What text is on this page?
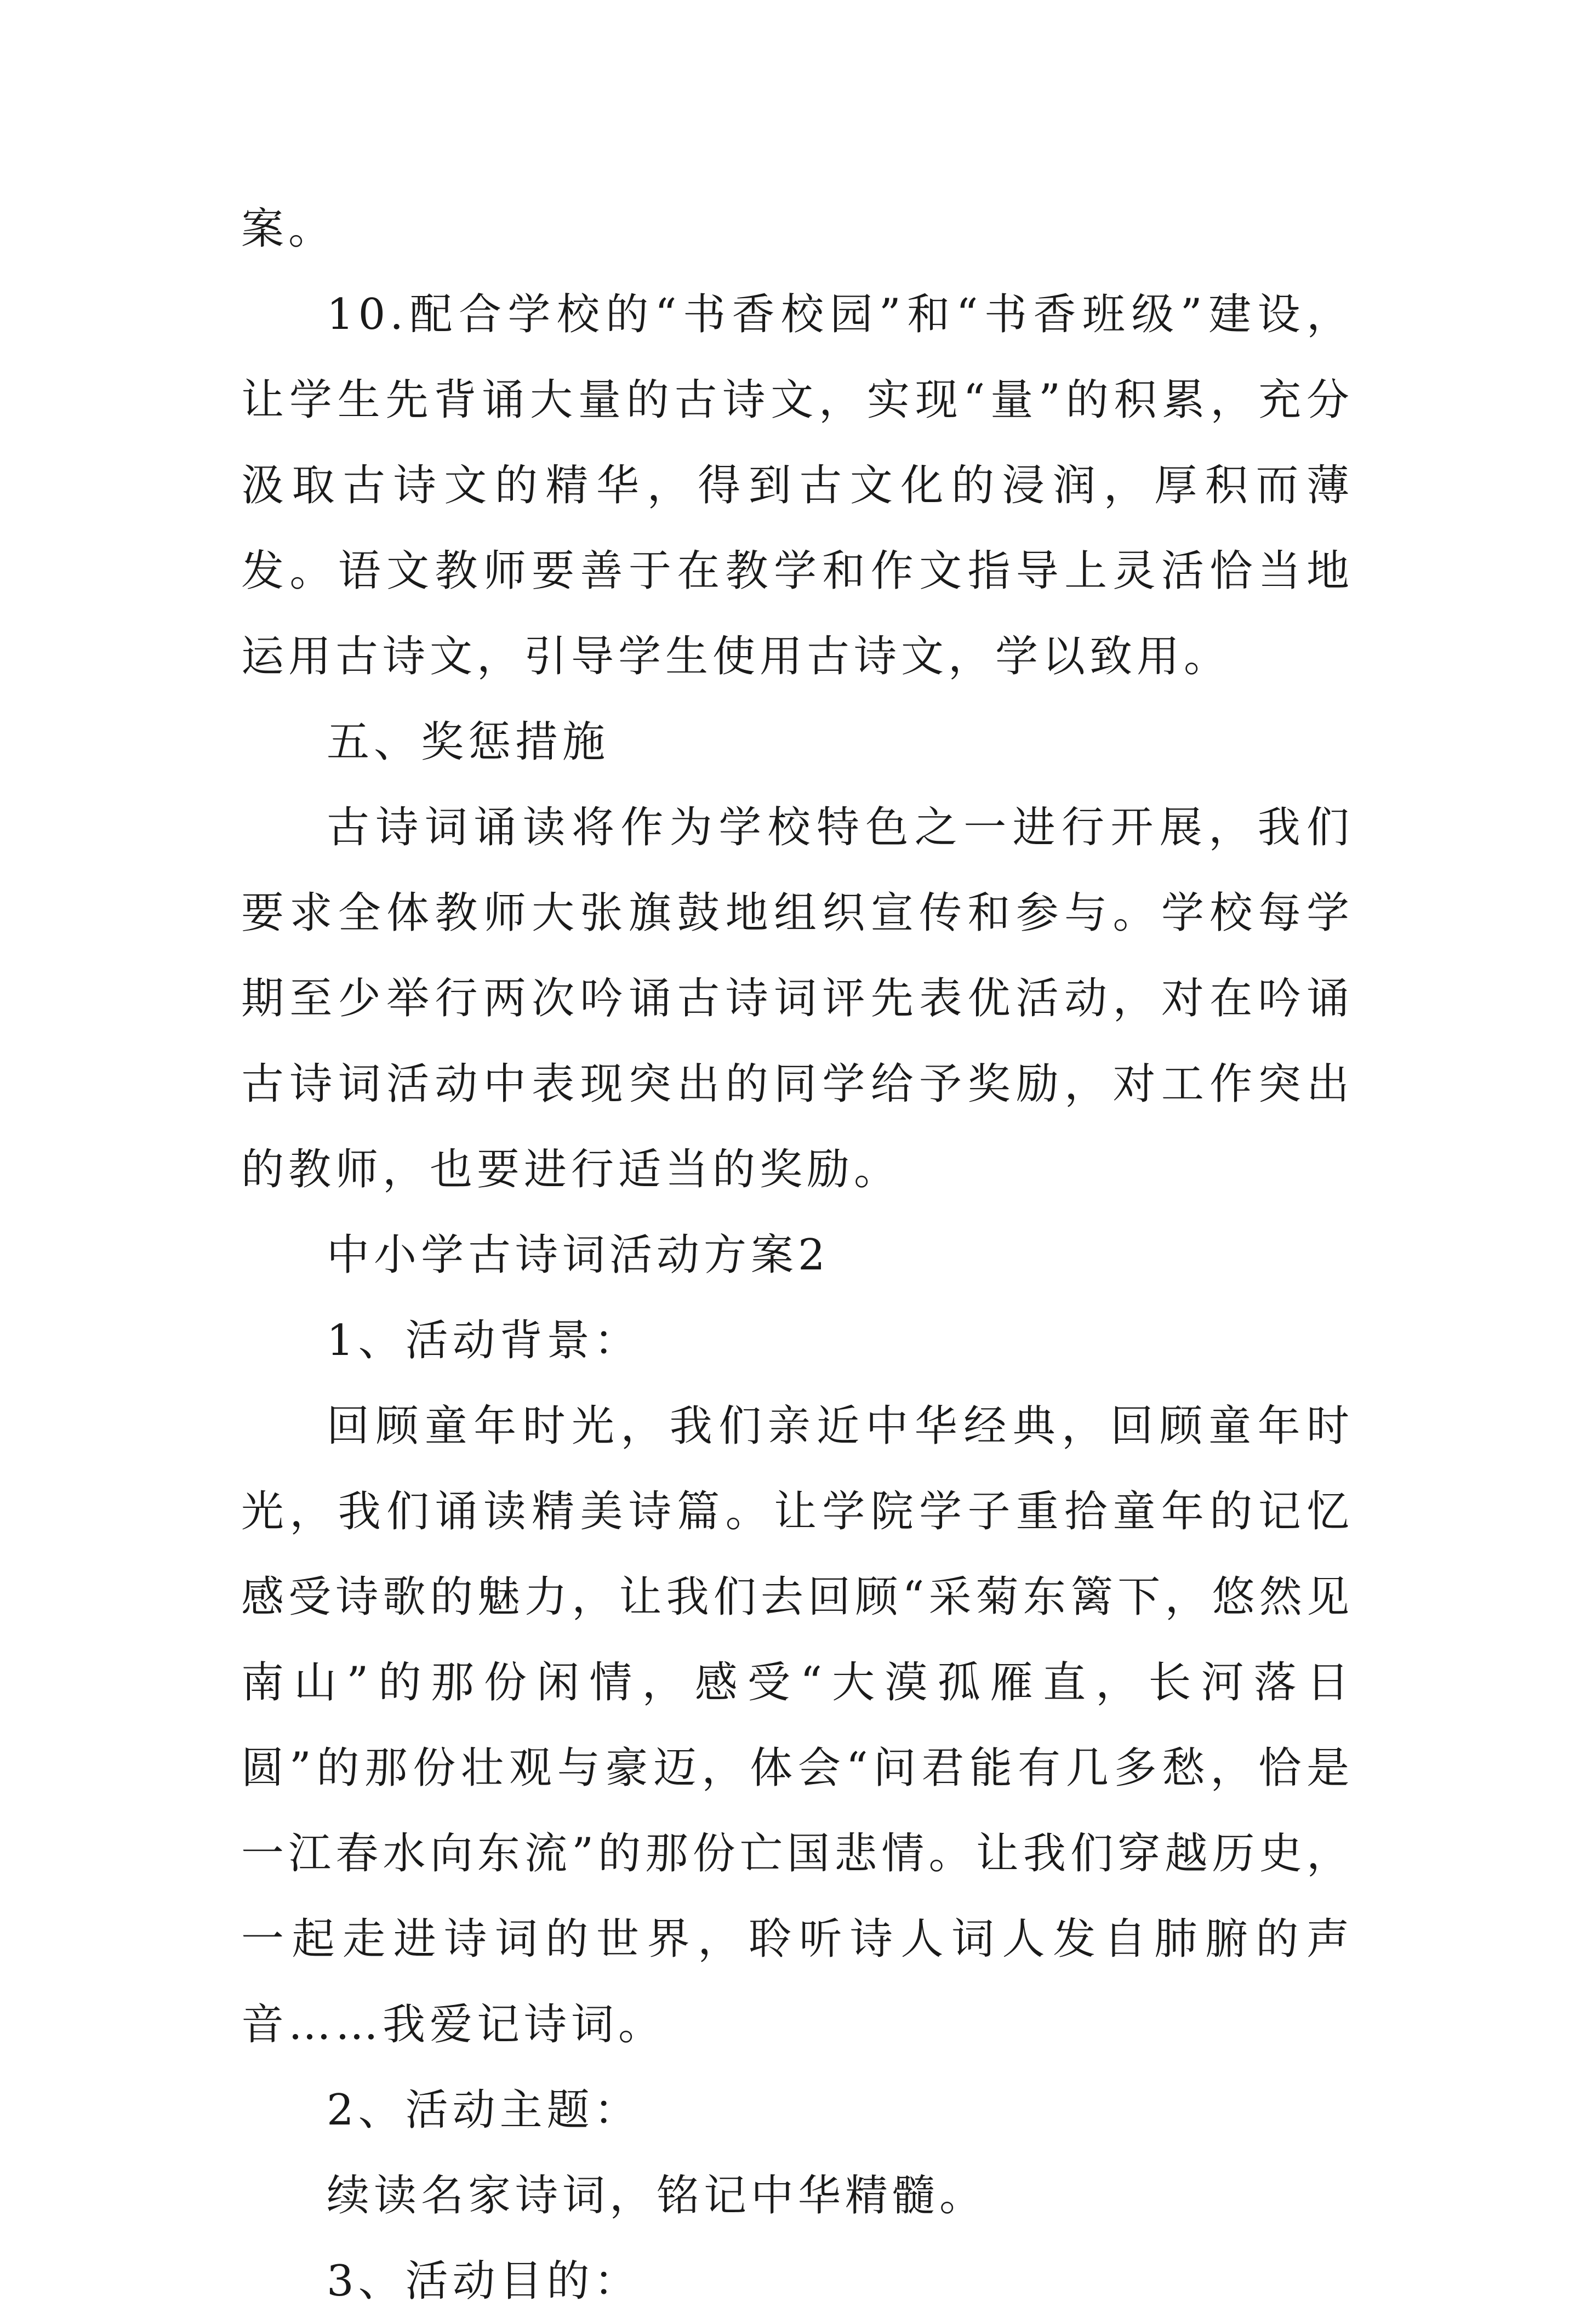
案。

10.配合学校的“书香校园”和“书香班级”建设，让学生先背诵大量的古诗文，实现“量”的积累，充分汲取古诗文的精华，得到古文化的浸润，厚积而薄发。语文教师要善于在教学和作文指导上灵活恰当地运用古诗文，引导学生使用古诗文，学以致用。

五、奖惩措施

古诗词诵读将作为学校特色之一进行开展，我们要求全体教师大张旗鼓地组织宣传和参与。学校每学期至少举行两次吟诵古诗词评先表优活动，对在吟诵古诗词活动中表现突出的同学给予奖励，对工作突出的教师，也要进行适当的奖励。

中小学古诗词活动方案2

1、活动背景：

回顾童年时光，我们亲近中华经典，回顾童年时光，我们诵读精美诗篇。让学院学子重拾童年的记忆感受诗歌的魅力，让我们去回顾“采菊东篱下，悠然见南山”的那份闲情，感受“大漠孤雁直，长河落日圆”的那份壮观与豪迈，体会“问君能有几多愁，恰是一江春水向东流”的那份亡国悲情。让我们穿越历史，一起走进诗词的世界，聆听诗人词人发自肺腑的声音……我爱记诗词。

2、活动主题：

续读名家诗词，铭记中华精髓。

3、活动目的：
